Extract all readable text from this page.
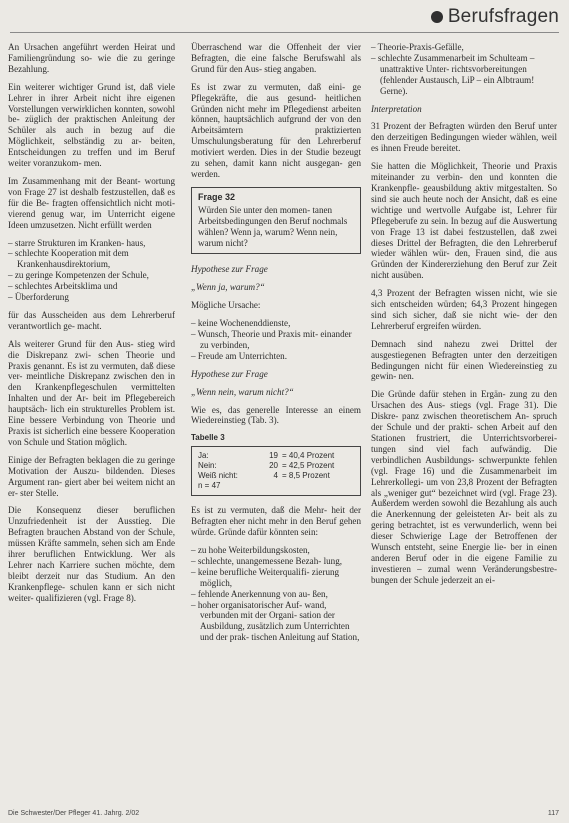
Berufsfragen

An Ursachen angeführt werden Heirat und Familiengründung so- wie die zu geringe Bezahlung.

Ein weiterer wichtiger Grund ist, daß viele Lehrer in ihrer Arbeit nicht ihre eigenen Vorstellungen verwirklichen konnten, sowohl be- züglich der praktischen Anleitung der Schüler als auch in bezug auf die Möglichkeit, selbständig zu ar- beiten, Entscheidungen zu treffen und im Beruf weiter voranzukom- men.

Im Zusammenhang mit der Beant- wortung von Frage 27 ist deshalb festzustellen, daß es für die Be- fragten offensichtlich nicht moti- vierend genug war, im Unterricht eigene Ideen umzusetzen. Nicht erfüllt werden

– starre Strukturen im Kranken- haus,
– schlechte Kooperation mit dem Krankenhausdirektorium,
– zu geringe Kompetenzen der Schule,
– schlechtes Arbeitsklima und
– Überforderung

für das Ausscheiden aus dem Lehrerberuf verantwortlich ge- macht.

Als weiterer Grund für den Aus- stieg wird die Diskrepanz zwi- schen Theorie und Praxis genannt. Es ist zu vermuten, daß diese ver- meintliche Diskrepanz zwischen den in den Krankenpflegeschulen vermittelten Inhalten und der Ar- beit im Pflegebereich hauptsäch- lich ein strukturelles Problem ist. Eine bessere Verbindung von Theorie und Praxis ist sicherlich eine bessere Kooperation von Schule und Station möglich.

Einige der Befragten beklagen die zu geringe Motivation der Auszu- bildenden. Dieses Argument ran- giert aber bei weitem nicht an er- ster Stelle.

Die Konsequenz dieser beruflichen Unzufriedenheit ist der Ausstieg. Die Befragten brauchen Abstand von der Schule, müssen Kräfte sammeln, sehen sich am Ende ihrer beruflichen Entwicklung. Wer als Lehrer nach Karriere suchen möchte, dem bleibt derzeit nur das Studium. An den Krankenpflege- schulen kann er sich nicht weiter- qualifizieren (vgl. Frage 8).

Überraschend war die Offenheit der vier Befragten, die eine falsche Berufswahl als Grund für den Aus- stieg angaben.

Es ist zwar zu vermuten, daß eini- ge Pflegekräfte, die aus gesund- heitlichen Gründen nicht mehr im Pflegedienst arbeiten können, hauptsächlich aufgrund der von den Arbeitsämtern praktizierten Umschulungsberatung für den Lehrerberuf motiviert werden. Dies in der Studie bezeugt zu sehen, damit kann nicht ausgegan- gen werden.

Frage 32
Würden Sie unter den momen- tanen Arbeitsbedingungen den Beruf nochmals wählen? Wenn ja, warum? Wenn nein, warum nicht?

Hypothese zur Frage

„Wenn ja, warum?“

Mögliche Ursache:

– keine Wochenenddienste,
– Wunsch, Theorie und Praxis mit- einander zu verbinden,
– Freude am Unterrichten.

Hypothese zur Frage

„Wenn nein, warum nicht?“

Wie es, das generelle Interesse an einem Wiedereinstieg (Tab. 3).

Tabelle 3
Ja:	19 = 40,4 Prozent
Nein:	20 = 42,5 Prozent
Weiß nicht:	4 = 8,5 Prozent
n = 47

Es ist zu vermuten, daß die Mehr- heit der Befragten eher nicht mehr in den Beruf gehen würde. Gründe dafür könnten sein:

– zu hohe Weiterbildungskosten,
– schlechte, unangemessene Bezah- lung,
– keine berufliche Weiterqualifi- zierung möglich,
– fehlende Anerkennung von au- ßen,
– hoher organisatorischer Auf- wand, verbunden mit der Organi- sation der Ausbildung, zusätzlich zum Unterrichten und der prak- tischen Anleitung auf Station,
– Theorie-Praxis-Gefälle,
– schlechte Zusammenarbeit im Schulteam – unattraktive Unter- richtsvorbereitungen (fehlender Austausch, LiP – ein Albtraum! Gerne).

Interpretation

31 Prozent der Befragten würden den Beruf unter den derzeitigen Bedingungen wieder wählen, weil es ihnen Freude bereitet.

Sie hatten die Möglichkeit, Theorie und Praxis miteinander zu verbin- den und konnten die Krankenpfle- geausbildung aktiv mitgestalten. So sind sie auch heute noch der Ansicht, daß es eine wichtige und wertvolle Aufgabe ist, Lehrer für Pflegeberufe zu sein. In bezug auf die Auswertung von Frage 13 ist dabei festzustellen, daß zwei dieses Drittel der Befragten, die den Lehrerberuf wieder wählen wür- den, Frauen sind, die aus Gründen der Kindererziehung den Beruf zur Zeit nicht ausüben.

4,3 Prozent der Befragten wissen nicht, wie sie sich entscheiden würden; 64,3 Prozent hingegen sind sich sicher, daß sie nicht wie- der den Lehrerberuf ergreifen würden.

Demnach sind nahezu zwei Drittel der ausgestiegenen Befragten unter den derzeitigen Bedingungen nicht für einen Wiedereinstieg zu gewin- nen.

Die Gründe dafür stehen in Ergän- zung zu den Ursachen des Aus- stiegs (vgl. Frage 31). Die Diskre- panz zwischen theoretischem An- spruch der Schule und der prakti- schen Arbeit auf den Stationen frustriert, die Unterrichtsvorberei- tungen sind viel fach aufwändig. Die verbindlichen Ausbildungs- schwerpunkte fehlen (vgl. Frage 16) und die Zusammenarbeit im Lehrerkollegi- um von 23,8 Prozent der Befragten als „weniger gut“ bezeichnet wird (vgl. Frage 23). Außerdem werden sowohl die Bezahlung als auch die Anerkennung der geleisteten Ar- beit als zu gering betrachtet, ist es verwunderlich, wenn bei dieser Schwierige Lage der Betroffenen der Wunsch entsteht, seine Energie lie- ber in einen anderen Beruf oder in die eigene Familie zu investieren – zumal wenn Veränderungsbestre- bungen der Schule jederzeit an ei-

Die Schwester/Der Pfleger 41. Jahrg. 2/02	117
